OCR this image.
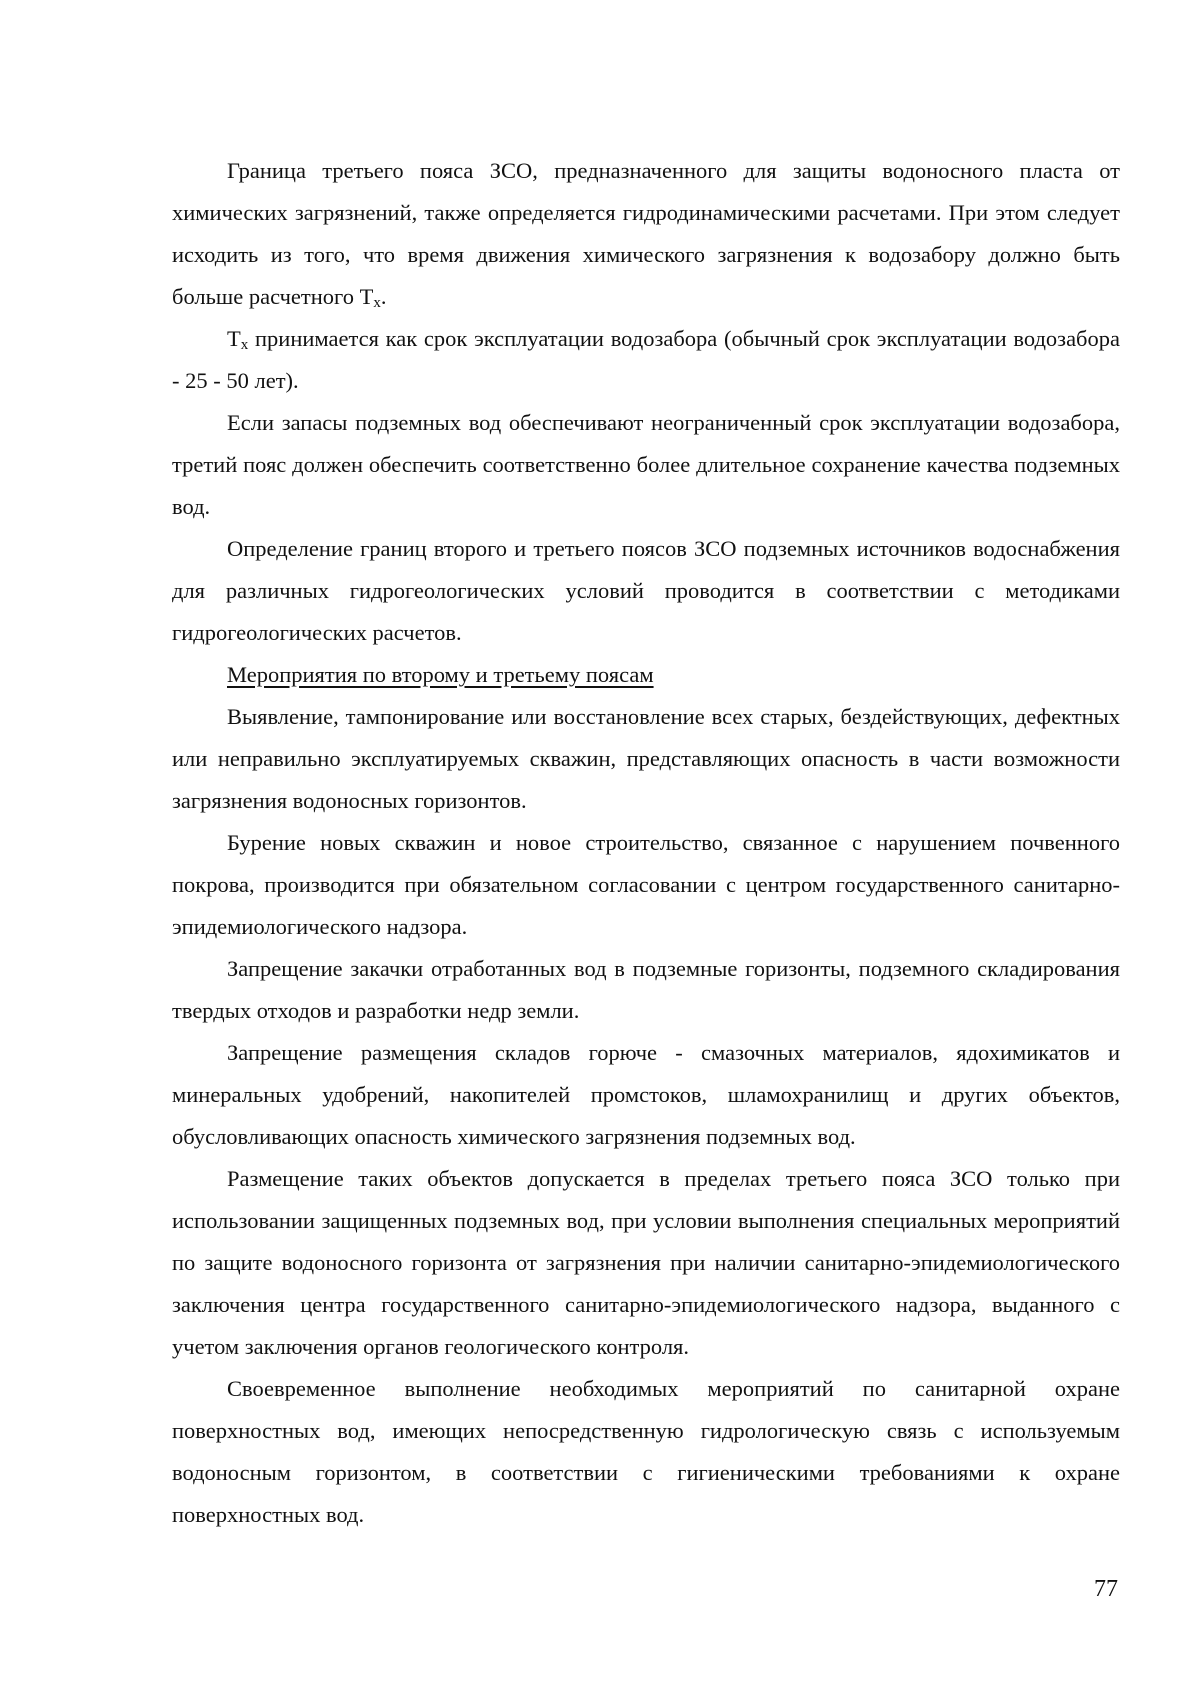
Граница третьего пояса ЗСО, предназначенного для защиты водоносного пласта от химических загрязнений, также определяется гидродинамическими расчетами. При этом следует исходить из того, что время движения химического загрязнения к водозабору должно быть больше расчетного $Т_х$.

$Т_х$ принимается как срок эксплуатации водозабора (обычный срок эксплуатации водозабора - 25 - 50 лет).

Если запасы подземных вод обеспечивают неограниченный срок эксплуатации водозабора, третий пояс должен обеспечить соответственно более длительное сохранение качества подземных вод.

Определение границ второго и третьего поясов ЗСО подземных источников водоснабжения для различных гидрогеологических условий проводится в соответствии с методиками гидрогеологических расчетов.

Мероприятия по второму и третьему поясам

Выявление, тампонирование или восстановление всех старых, бездействующих, дефектных или неправильно эксплуатируемых скважин, представляющих опасность в части возможности загрязнения водоносных горизонтов.

Бурение новых скважин и новое строительство, связанное с нарушением почвенного покрова, производится при обязательном согласовании с центром государственного санитарно-эпидемиологического надзора.

Запрещение закачки отработанных вод в подземные горизонты, подземного складирования твердых отходов и разработки недр земли.

Запрещение размещения складов горюче - смазочных материалов, ядохимикатов и минеральных удобрений, накопителей промстоков, шламохранилищ и других объектов, обусловливающих опасность химического загрязнения подземных вод.

Размещение таких объектов допускается в пределах третьего пояса ЗСО только при использовании защищенных подземных вод, при условии выполнения специальных мероприятий по защите водоносного горизонта от загрязнения при наличии санитарно-эпидемиологического заключения центра государственного санитарно-эпидемиологического надзора, выданного с учетом заключения органов геологического контроля.

Своевременное выполнение необходимых мероприятий по санитарной охране поверхностных вод, имеющих непосредственную гидрологическую связь с используемым водоносным горизонтом, в соответствии с гигиеническими требованиями к охране поверхностных вод.

77
